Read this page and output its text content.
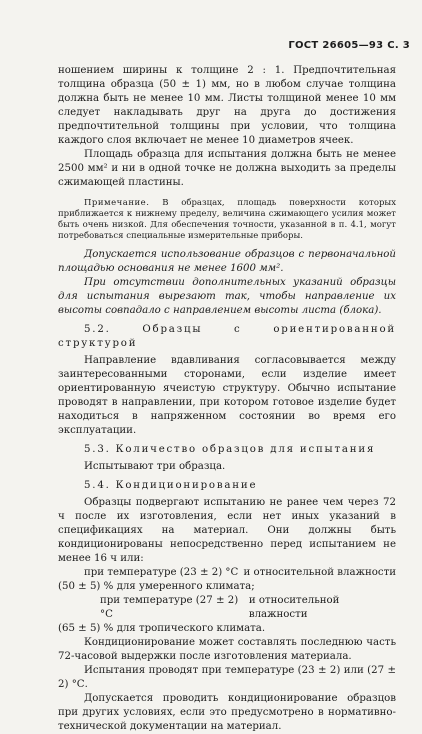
ГОСТ 26605—93 С. 3

ношением ширины к толщине 2 : 1. Предпочтительная толщина образца (50 ± 1) мм, но в любом случае толщина должна быть не менее 10 мм. Листы толщиной менее 10 мм следует накладывать друг на друга до достижения предпочтительной толщины при условии, что толщина каждого слоя включает не менее 10 диаметров ячеек.

Площадь образца для испытания должна быть не менее 2500 мм² и ни в одной точке не должна выходить за пределы сжимающей пластины.

Примечание. В образцах, площадь поверхности которых приближается к нижнему пределу, величина сжимающего усилия может быть очень низкой. Для обеспечения точности, указанной в п. 4.1, могут потребоваться специальные измерительные приборы.

Допускается использование образцов с первоначальной площадью основания не менее 1600 мм².

При отсутствии дополнительных указаний образцы для испытания вырезают так, чтобы направление их высоты совпадало с направлением высоты листа (блока).

5.2. Образцы с ориентированной структурой

Направление вдавливания согласовывается между заинтересованными сторонами, если изделие имеет ориентированную ячеистую структуру. Обычно испытание проводят в направлении, при котором готовое изделие будет находиться в напряженном состоянии во время его эксплуатации.

5.3. Количество образцов для испытания

Испытывают три образца.

5.4. Кондиционирование

Образцы подвергают испытанию не ранее чем через 72 ч после их изготовления, если нет иных указаний в спецификациях на материал. Они должны быть кондиционированы непосредственно перед испытанием не менее 16 ч или:

при температуре (23 ± 2) °С и относительной влажности

(50 ± 5) % для умеренного климата;

при температуре (27 ± 2) °С
и относительной влажности

(65 ± 5) % для тропического климата.

Кондиционирование может составлять последнюю часть 72-часовой выдержки после изготовления материала.

Испытания проводят при температуре (23 ± 2) или (27 ± 2) °С.

Допускается проводить кондиционирование образцов при других условиях, если это предусмотрено в нормативно-технической документации на материал.
